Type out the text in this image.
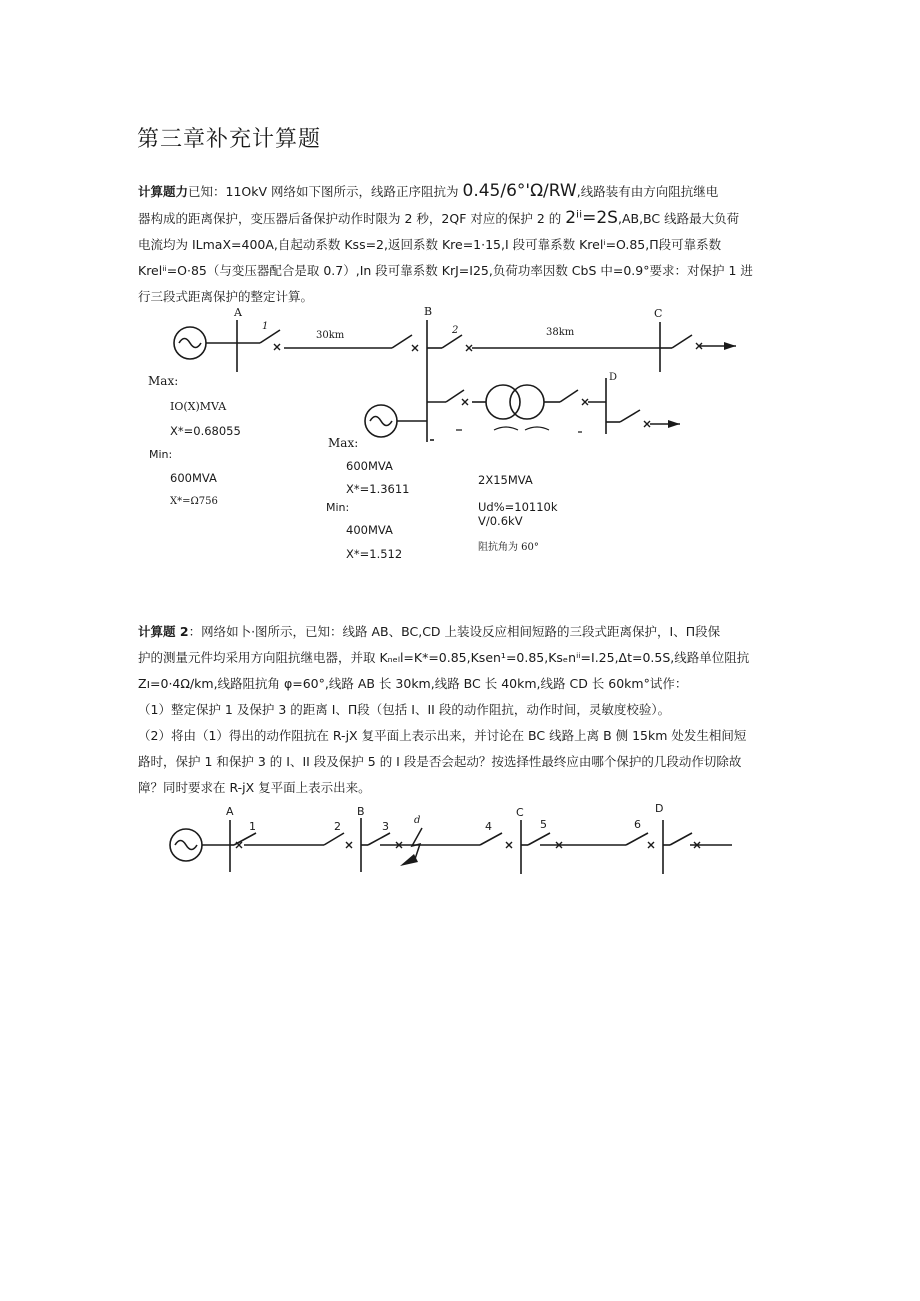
第三章补充计算题

计算题力已知：11OkV 网络如下图所示，线路正序阻抗为 0.45∕6°'Ω∕RW,线路装有由方向阻抗继电

器构成的距离保护，变压器后备保护动作时限为 2 秒，2QF 对应的保护 2 的 2ⁱⁱ=2S,AB,BC 线路最大负荷

电流均为 ILmaX=400A,自起动系数 Kss=2,返回系数 Kre=1·15,I 段可靠系数 Krelⁱ=O.85,Π段可靠系数

Krelⁱⁱ=O·85（与变压器配合是取 0.7）,In 段可靠系数 KrJ=I25,负荷功率因数 CbS 中=0.9°要求：对保护 1 进

行三段式距离保护的整定计算。

A	B	C
D
1	2
30km	38km
Max:
IO(X)MVA
X*=0.68055
Min:
600MVA
X*=Ω756
Max:
600MVA
X*=1.3611
Min:
400MVA
X*=1.512
2X15MVA
Ud%=10110k
V∕0.6kV
阻抗角为 60°

计算题 2：网络如卜·图所示，已知：线路 AB、BC,CD 上装设反应相间短路的三段式距离保护，I、Π段保

护的测量元件均采用方向阻抗继电器，并取 Kₙₑₗl=K*=0.85,Ksen¹=0.85,Ksₑnⁱⁱ=I.25,Δt=0.5S,线路单位阻抗

Zı=0·4Ω∕km,线路阻抗角 φ=60°,线路 AB 长 30km,线路 BC 长 40km,线路 CD 长 60km°试作：

（1）整定保护 1 及保护 3 的距离 I、Π段（包括 I、II 段的动作阻抗，动作时间，灵敏度校验）。

（2）将由（1）得出的动作阻抗在 R-jX 复平面上表示出来，并讨论在 BC 线路上离 B 侧 15km 处发生相间短

路时，保护 1 和保护 3 的 I、II 段及保护 5 的 I 段是否会起动？按选择性最终应由哪个保护的几段动作切除故

障？同时要求在 R-jX 复平面上表示出来。

A	B	C	D
1	2	3	4	5	6
d
